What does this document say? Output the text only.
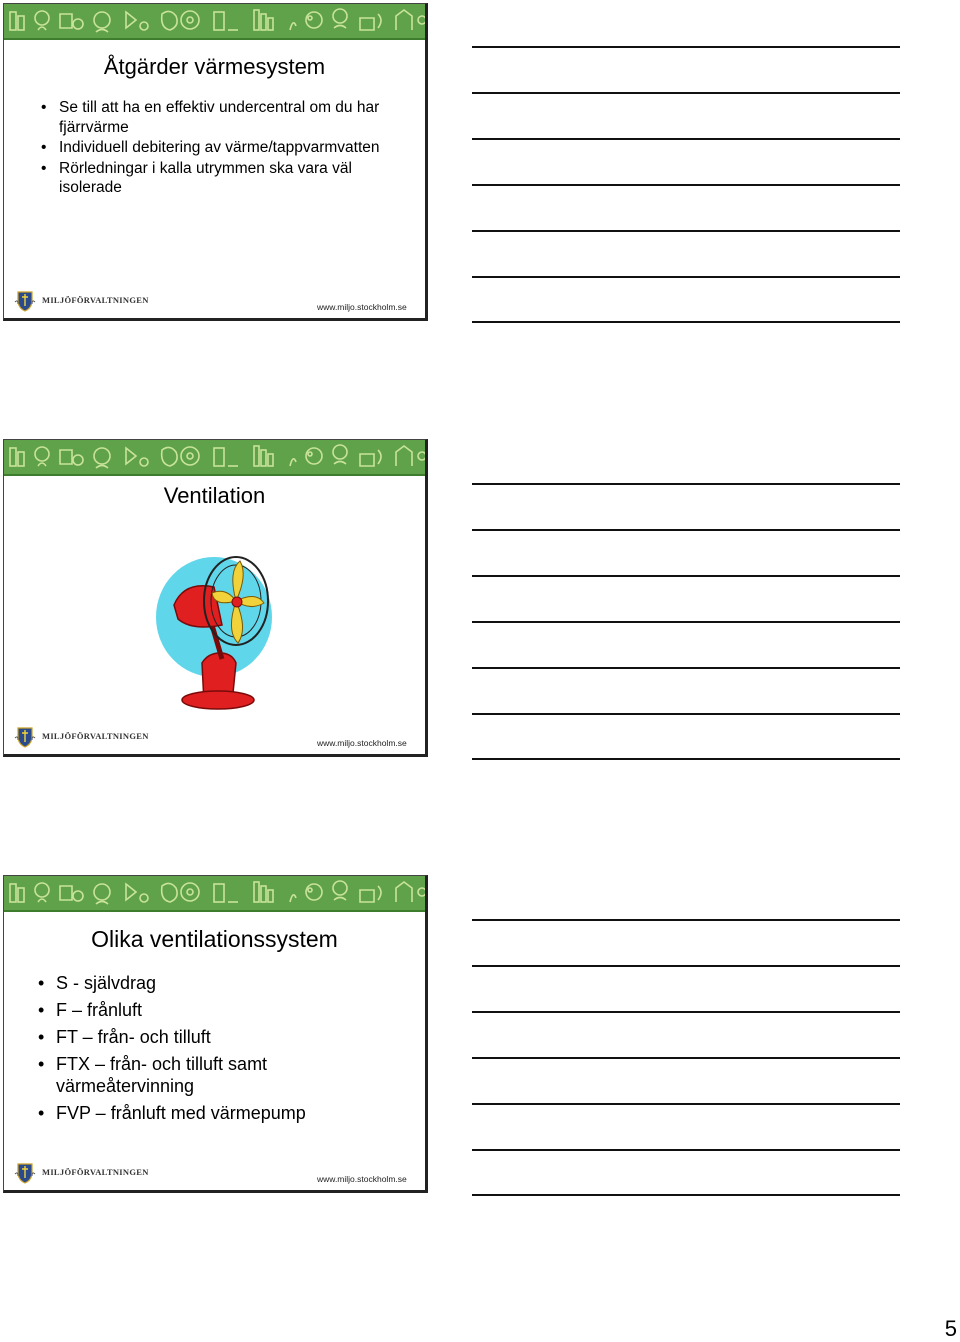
Åtgärder värmesystem
• Se till att ha en effektiv undercentral om du har fjärrvärme
• Individuell debitering av värme/tappvarmvatten
• Rörledningar i kalla utrymmen ska vara väl isolerade
MILJÖFÖRVALTNINGEN
www.miljo.stockholm.se
Ventilation
MILJÖFÖRVALTNINGEN
www.miljo.stockholm.se
Olika ventilationssystem
• S - självdrag
• F – frånluft
• FT – från- och tilluft
• FTX – från- och tilluft samt värmeåtervinning
• FVP – frånluft med värmepump
MILJÖFÖRVALTNINGEN
www.miljo.stockholm.se
5
